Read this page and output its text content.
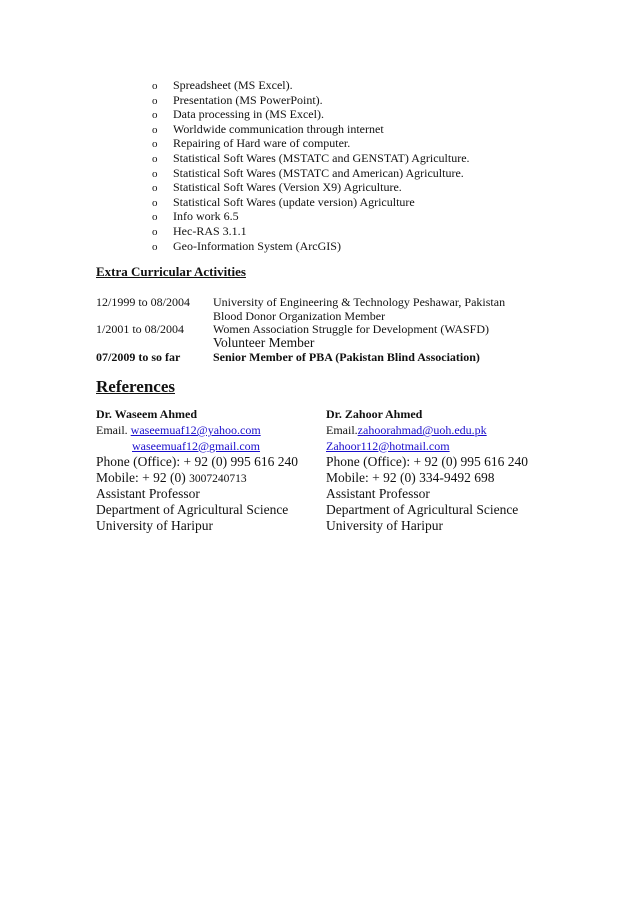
o Spreadsheet (MS Excel).
o Presentation (MS PowerPoint).
o Data processing in (MS Excel).
o Worldwide communication through internet
o Repairing of Hard ware of computer.
o Statistical Soft Wares (MSTATC and GENSTAT) Agriculture.
o Statistical Soft Wares (MSTATC and American) Agriculture.
o Statistical Soft Wares (Version X9) Agriculture.
o Statistical Soft Wares (update version) Agriculture
o Info work 6.5
o Hec-RAS 3.1.1
o Geo-Information System (ArcGIS)
Extra Curricular Activities
12/1999 to 08/2004	University of Engineering & Technology Peshawar, Pakistan
Blood Donor Organization Member
1/2001 to 08/2004	Women Association Struggle for Development (WASFD)
Volunteer Member
07/2009 to so far	Senior Member of PBA (Pakistan Blind Association)
References
Dr. Waseem Ahmed
Email. waseemuaf12@yahoo.com
waseemuaf12@gmail.com
Phone (Office): + 92 (0) 995 616 240
Mobile: + 92 (0) 3007240713
Assistant Professor
Department of Agricultural Science
University of Haripur
Dr. Zahoor Ahmed
Email.zahoorahmad@uoh.edu.pk
Zahoor112@hotmail.com
Phone (Office): + 92 (0) 995 616 240
Mobile: + 92 (0) 334-9492 698
Assistant Professor
Department of Agricultural Science
University of Haripur
